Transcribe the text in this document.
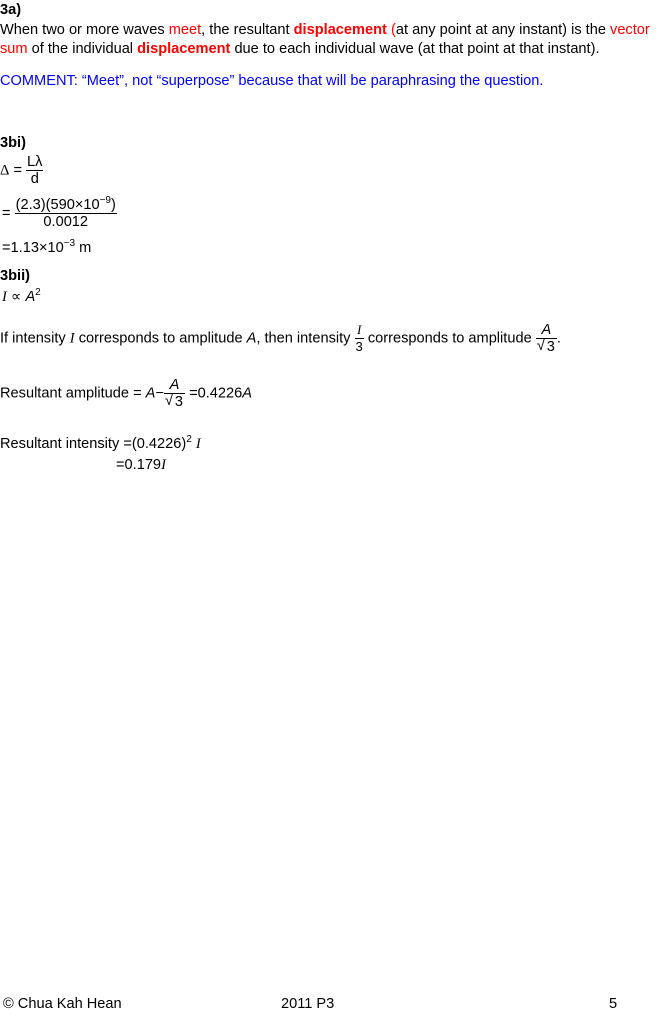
3a)
When two or more waves meet, the resultant displacement (at any point at any instant) is the vector
sum of the individual displacement due to each individual wave (at that point at that instant).
COMMENT: “Meet”, not “superpose” because that will be paraphrasing the question.
3bi)
$\Delta = \frac{L\lambda}{d}$
= $\frac{(2.3)(590\times 10^{-9})}{0.0012}$
$=1.13\times 10^{-3}$ m
3bii)
$I \propto A^2$
If intensity I corresponds to amplitude A, then intensity $\frac{I}{3}$ corresponds to amplitude $\frac{A}{√ 3}$ .
Resultant amplitude = $A- \frac{A}{√ 3} =0.4226A$
Resultant intensity $=(0.4226)^2$ I
=0.179I
© Chua Kah Hean	2011 P3	5
